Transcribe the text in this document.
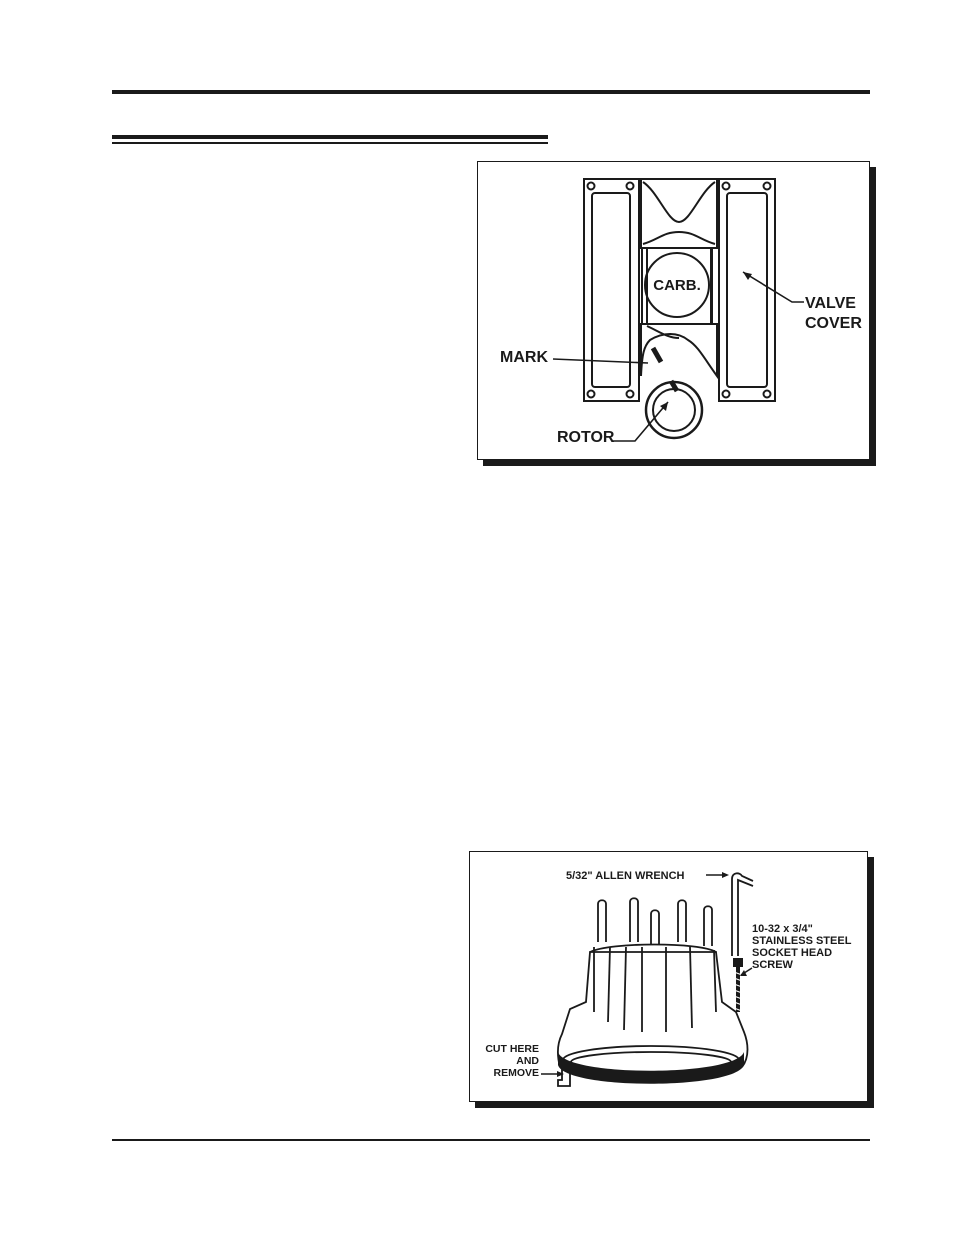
CARB.
VALVE
COVER
MARK
ROTOR
5/32" ALLEN WRENCH
10-32 x 3/4"
STAINLESS STEEL
SOCKET HEAD
SCREW
CUT HERE
AND
REMOVE
